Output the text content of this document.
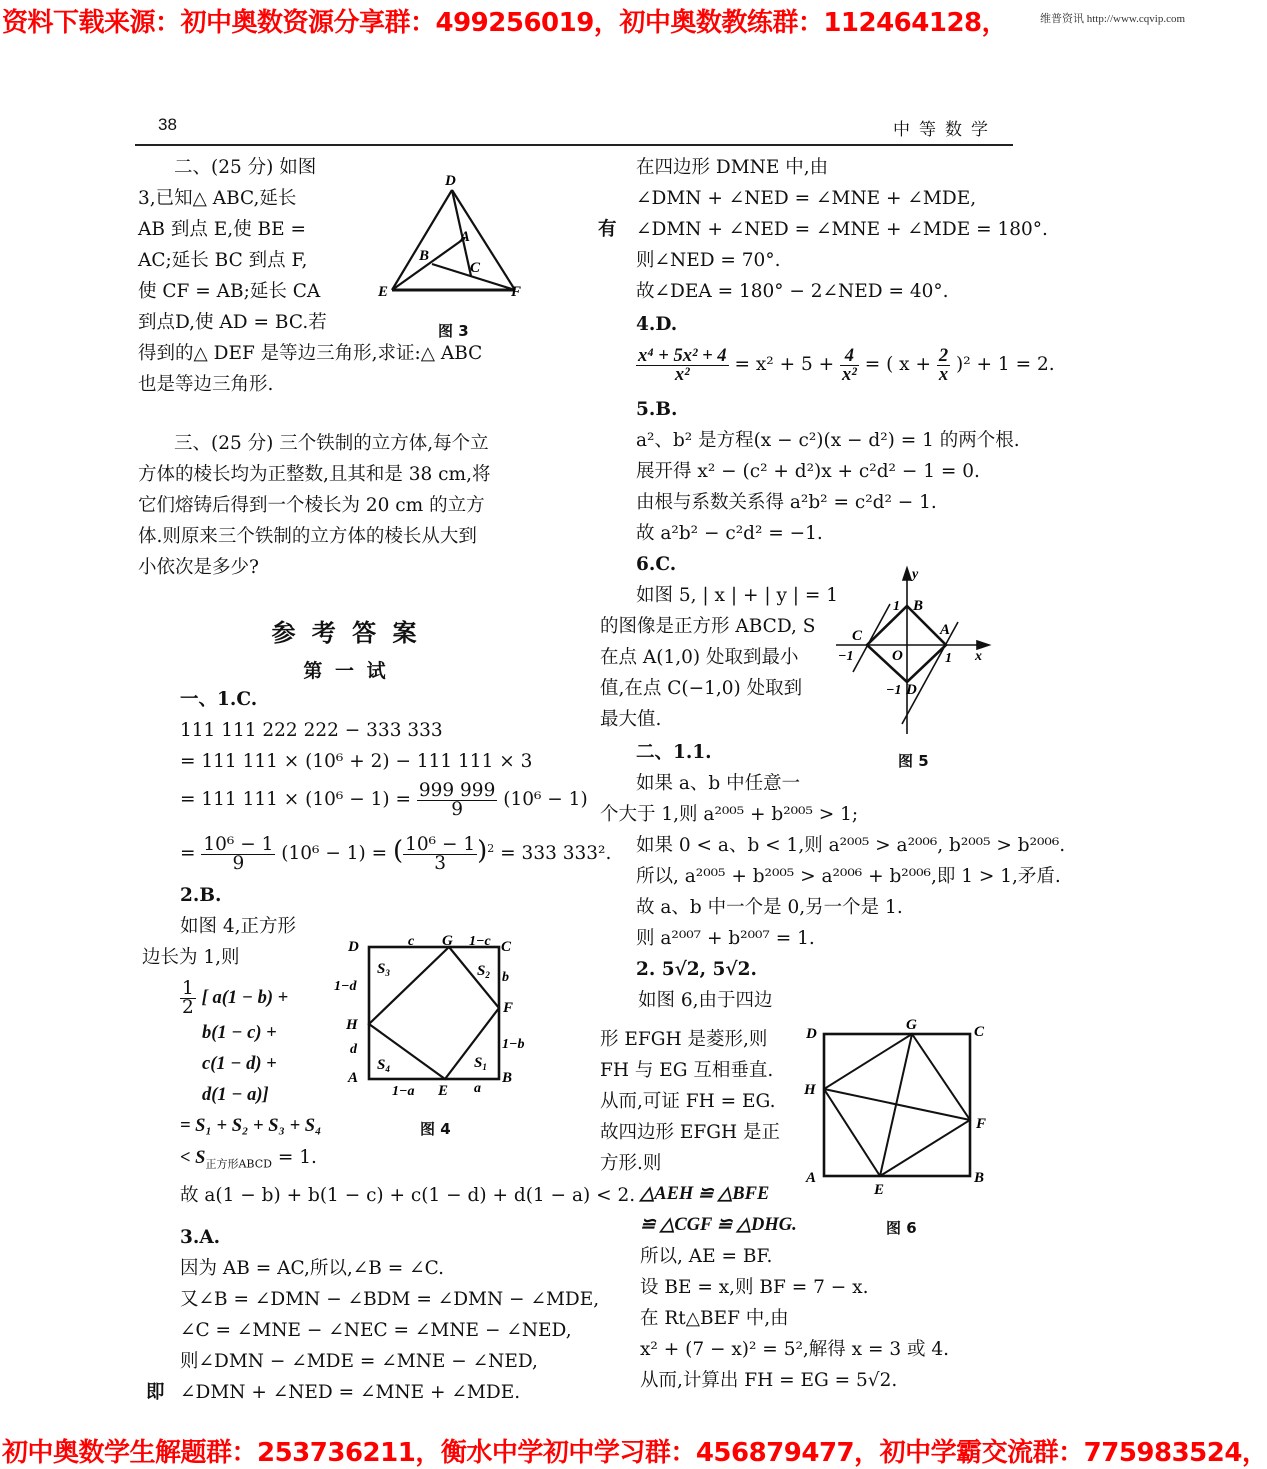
资料下载来源：初中奥数资源分享群：499256019，初中奥数教练群：112464128，	维普资讯 http://www.cqvip.com
38	中等数学
二、(25 分) 如图
3,已知△ ABC,延长
AB 到点 E,使 BE =
AC;延长 BC 到点 F,
使 CF = AB;延长 CA
到点D,使 AD = BC.若
得到的△ DEF 是等边三角形,求证:△ ABC
也是等边三角形.
D
A
B
C
E	F
图 3
三、(25 分) 三个铁制的立方体,每个立
方体的棱长均为正整数,且其和是 38 cm,将
它们熔铸后得到一个棱长为 20 cm 的立方
体.则原来三个铁制的立方体的棱长从大到
小依次是多少?
参 考 答 案
第 一 试
一、1.C.
111 111 222 222 − 333 333
= 111 111 × (10⁶ + 2) − 111 111 × 3
= 111 $111 \times (10^6 - 1) = \frac{999 999}{9} (10^6 - 1)$
= $\frac{\text{10⁶ − 1}}{9} (10^6 - 1)$ = ( $\frac{\text{10⁶ − 1}}{3} )^2 = 333$ 333².
2.B.
如图 4,正方形
边长为 1,则
$\frac{1}{2}$ [ a(1 − b) +
b(1 − c) +
c(1 − d) +
d(1 − a)]
= S₁ + S₂ + S₃ + S₄
< $S_{正方形ABCD} = 1$.
故 a(1 − b) + b(1 − c) + c(1 − d) + d(1 − a) < 2.
D	c G 1−c C
$S_3$	$S_2$ b
1−d
F
H
1−b
d
$S_4$	$S_1$
A	B
1−a E a
图 4
3.A.
因为 AB = AC,所以,∠B = ∠C.
又∠B = ∠DMN − ∠BDM = ∠DMN − ∠MDE,
∠C = ∠MNE − ∠NEC = ∠MNE − ∠NED,
则∠DMN − ∠MDE = ∠MNE − ∠NED,
∠DMN + ∠NED = ∠MNE + ∠MDE.
即
在四边形 DMNE 中,由
∠DMN + ∠NED = ∠MNE + ∠MDE,
∠DMN + ∠NED = ∠MNE + ∠MDE = 180°.
则∠NED = 70°.
故∠DEA = 180° − 2∠NED = 40°.
有
4.D.
$\frac{\text{x⁴ + 5x² + 4}}{\text{x²}} = x^2 + 5 + \frac{4}{\text{x²}}$ = ( $x + \frac{2}{x} )^2 + 1 = 2$.
5.B.
a²、b² 是方程(x − c²)(x − d²) = 1 的两个根.
展开得 x² − (c² + d²)x + c²d² − 1 = 0.
由根与系数关系得 a²b² = c²d² − 1.
故 a²b² − c²d² = −1.
6.C.
如图 5, | x | + | y | = 1
的图像是正方形 ABCD, S
在点 A(1,0) 处取到最小
值,在点 C(−1,0) 处取到
最大值.
y
1 B
C	A
−1	O	1 x
−1 D
图 5
二、1.1.
如果 a、b 中任意一
个大于 1,则 a²⁰⁰⁵ + b²⁰⁰⁵ > 1;
如果 0 < a、b < 1,则 a²⁰⁰⁵ > a²⁰⁰⁶, b²⁰⁰⁵ > b²⁰⁰⁶.
所以, a²⁰⁰⁵ + b²⁰⁰⁵ > a²⁰⁰⁶ + b²⁰⁰⁶,即 1 > 1,矛盾.
故 a、b 中一个是 0,另一个是 1.
则 a²⁰⁰⁷ + b²⁰⁰⁷ = 1.
2. 5√2, 5√2.
如图 6,由于四边
形 EFGH 是菱形,则
FH 与 EG 互相垂直.
从而,可证 FH = EG.
故四边形 EFGH 是正
方形.则
△AEH ≌ △BFE
≌ △CGF ≌ △DHG.
所以, AE = BF.
设 BE = x,则 BF = 7 − x.
在 Rt△BEF 中,由
x² + (7 − x)² = 5²,解得 x = 3 或 4.
从而,计算出 FH = EG = 5√2.
D
G	C
H
F
A
E
B
图 6
初中奥数学生解题群：253736211，衡水中学初中学习群：456879477，初中学霸交流群：775983524，
